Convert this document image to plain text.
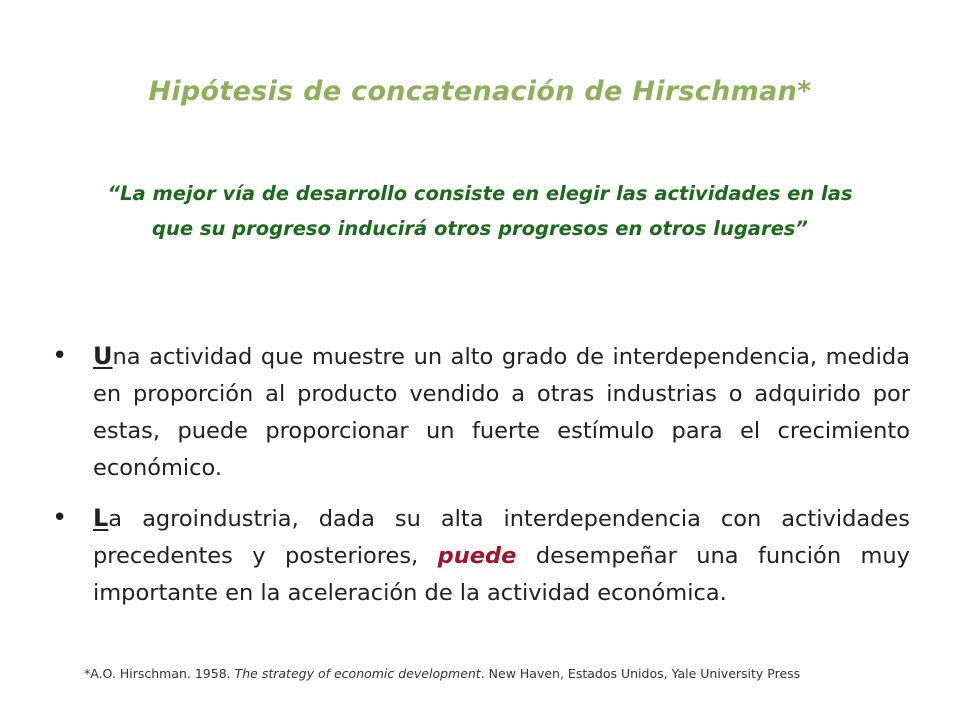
Hipótesis de concatenación de Hirschman*
“La mejor vía de desarrollo consiste en elegir las actividades en las que su progreso inducirá otros progresos en otros lugares”
• Una actividad que muestre un alto grado de interdependencia, medida en proporción al producto vendido a otras industrias o adquirido por estas, puede proporcionar un fuerte estímulo para el crecimiento económico.
• La agroindustria, dada su alta interdependencia con actividades precedentes y posteriores, puede desempeñar una función muy importante en la aceleración de la actividad económica.
*A.O. Hirschman. 1958. The strategy of economic development. New Haven, Estados Unidos, Yale University Press
